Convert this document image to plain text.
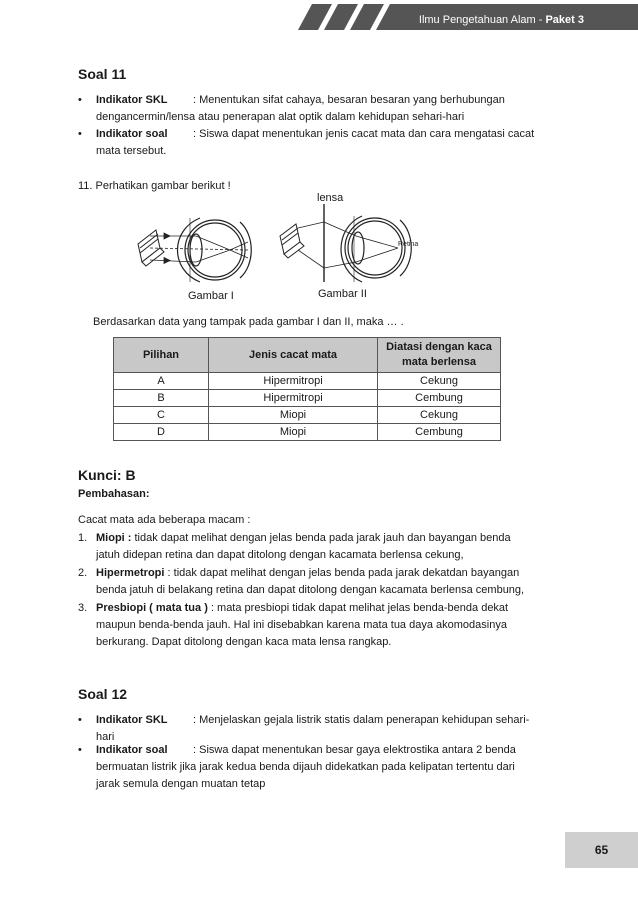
Ilmu Pengetahuan Alam - Paket 3
Soal 11
• Indikator SKL : Menentukan sifat cahaya, besaran besaran yang berhubungan
dengancermin/lensa atau penerapan alat optik dalam kehidupan sehari-hari
• Indikator soal : Siswa dapat menentukan jenis cacat mata dan cara mengatasi cacat
mata tersebut.
11. Perhatikan gambar berikut !
Retina
lensa
Gambar I	Gambar II
Berdasarkan data yang tampak pada gambar I dan II, maka … .
Pilihan	Jenis cacat mata	Diatasi dengan kaca mata berlensa
A	Hipermitropi	Cekung
B	Hipermitropi	Cembung
C	Miopi	Cekung
D	Miopi	Cembung
Kunci: B
Pembahasan:
Cacat mata ada beberapa macam :
1. Miopi : tidak dapat melihat dengan jelas benda pada jarak jauh dan bayangan benda
jatuh didepan retina dan dapat ditolong dengan kacamata berlensa cekung,
2. Hipermetropi : tidak dapat melihat dengan jelas benda pada jarak dekatdan bayangan
benda jatuh di belakang retina dan dapat ditolong dengan kacamata berlensa cembung,
3. Presbiopi ( mata tua ) : mata presbiopi tidak dapat melihat jelas benda-benda dekat
maupun benda-benda jauh. Hal ini disebabkan karena mata tua daya akomodasinya
berkurang. Dapat ditolong dengan kaca mata lensa rangkap.
Soal 12
• Indikator SKL : Menjelaskan gejala listrik statis dalam penerapan kehidupan sehari-
hari
• Indikator soal : Siswa dapat menentukan besar gaya elektrostika antara 2 benda
bermuatan listrik jika jarak kedua benda dijauh didekatkan pada kelipatan tertentu dari
jarak semula dengan muatan tetap
65
